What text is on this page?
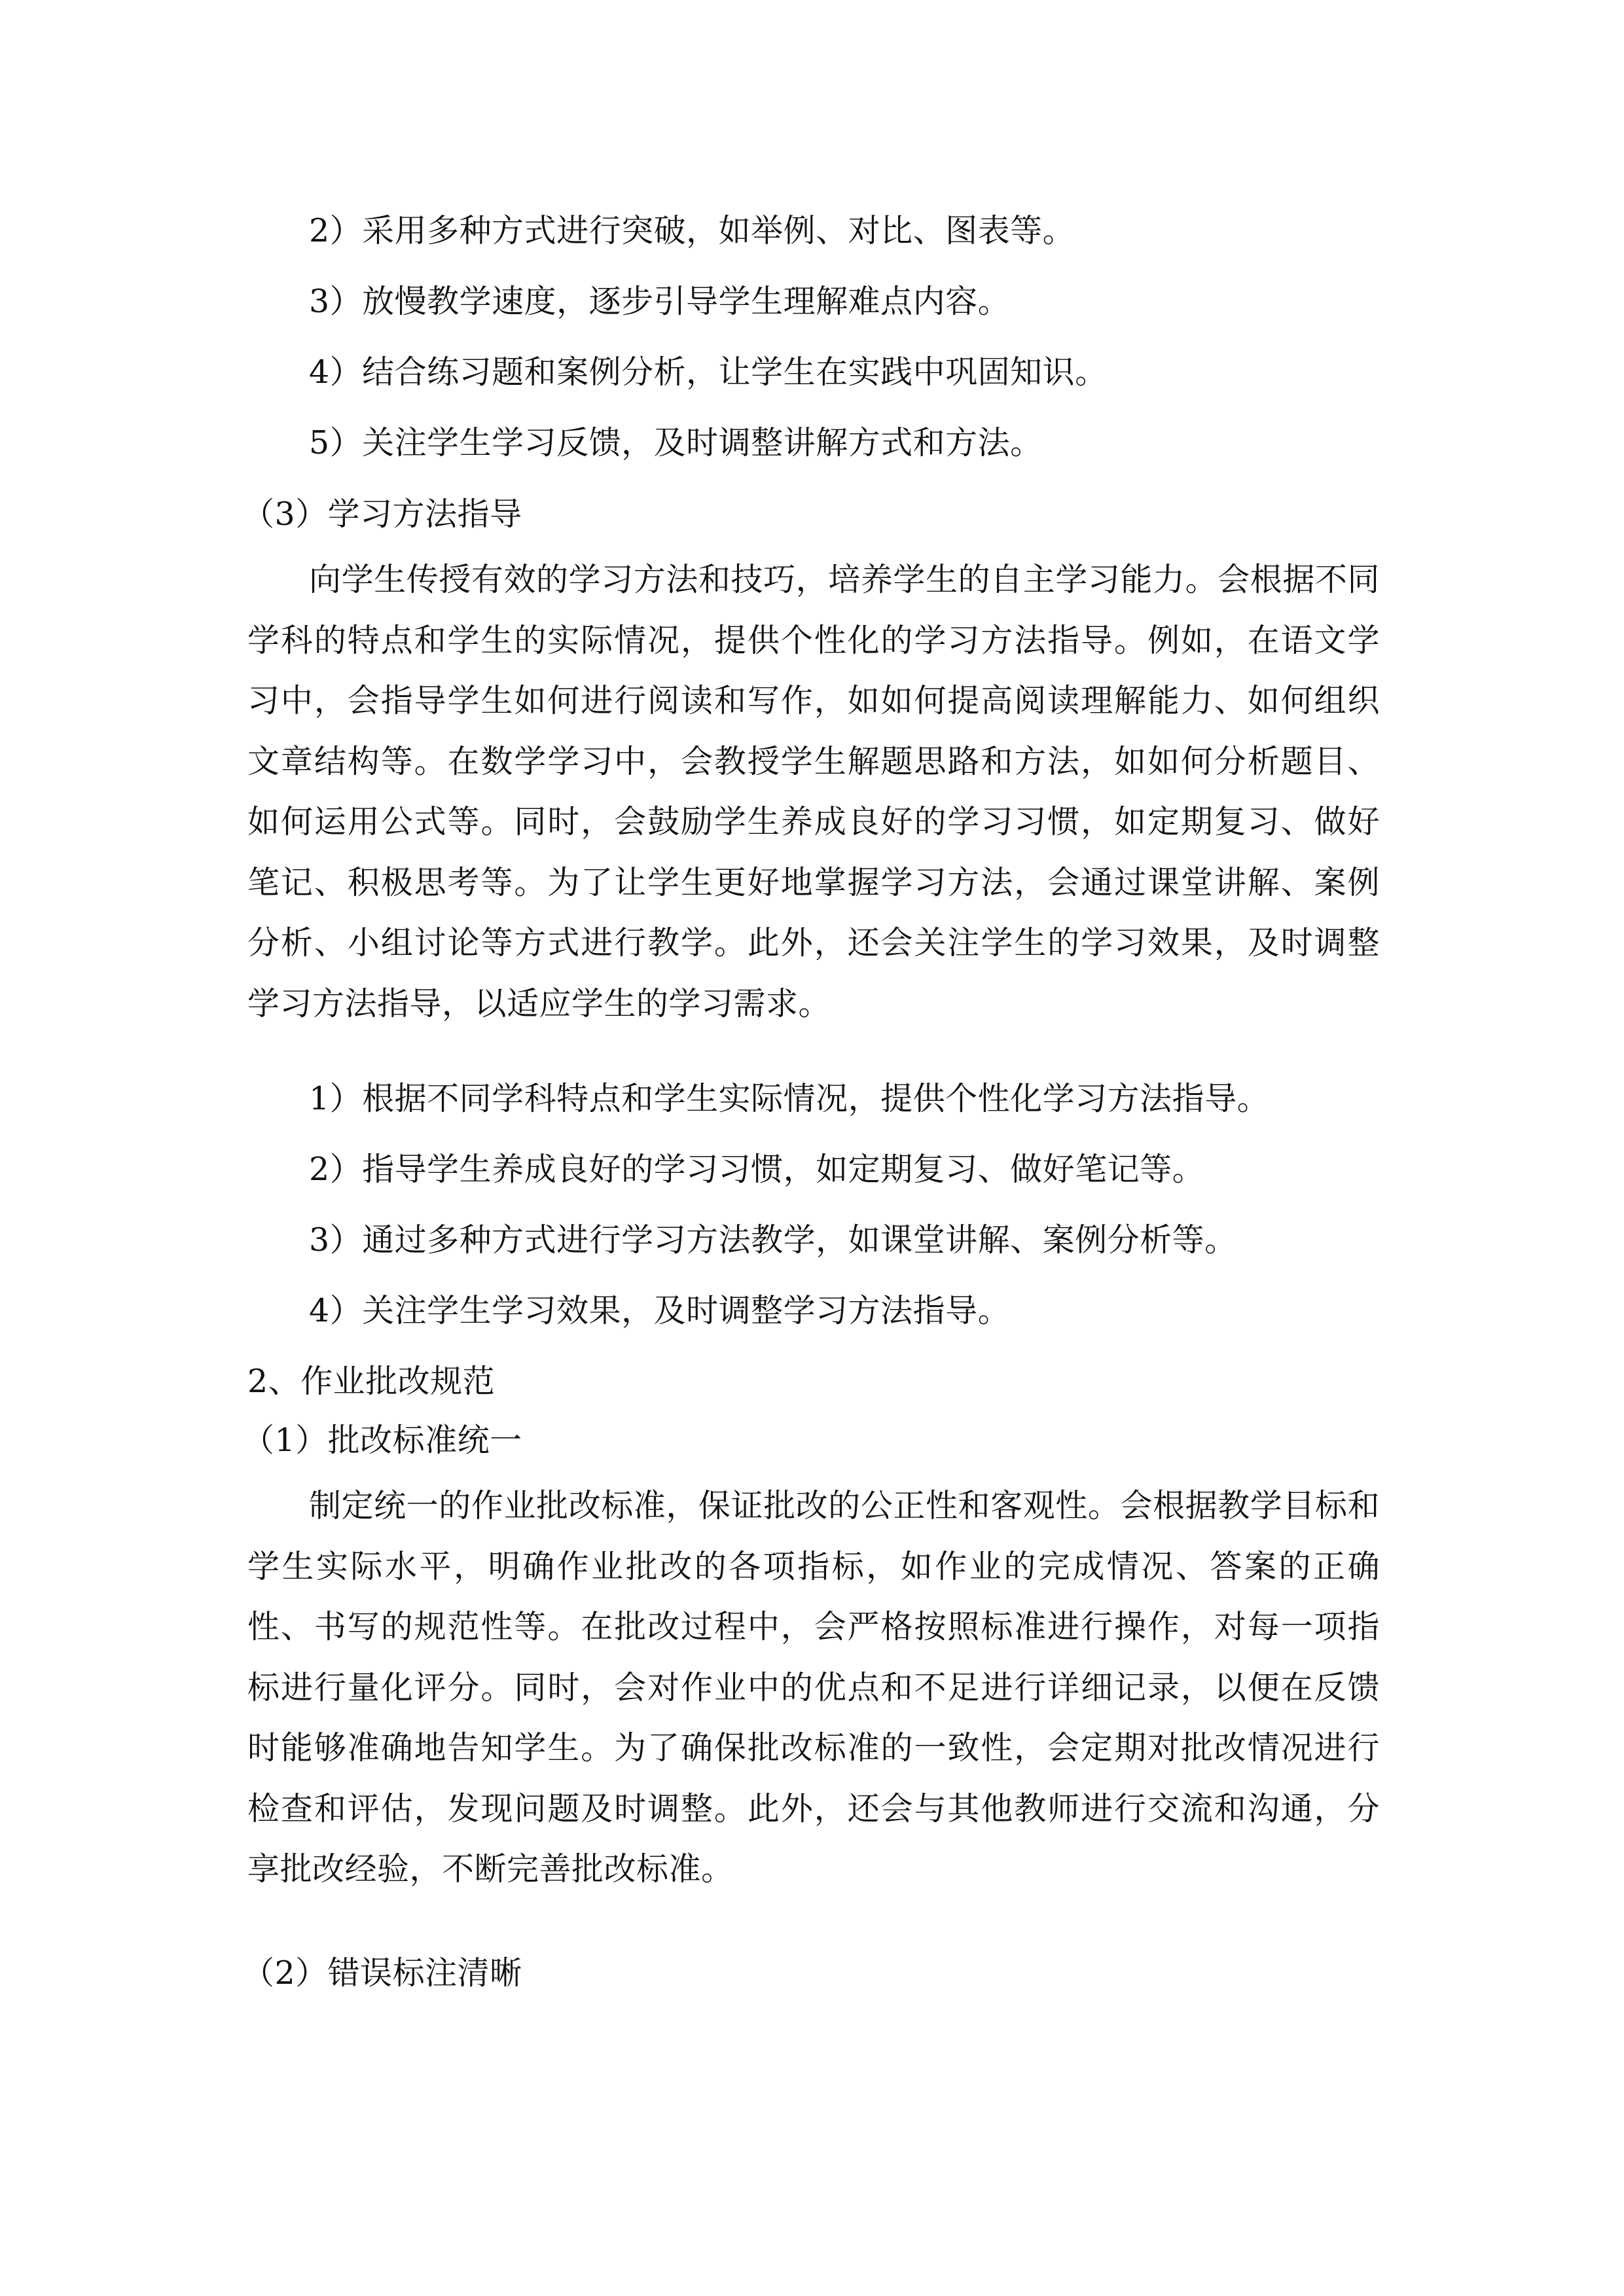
2）采用多种方式进行突破，如举例、对比、图表等。
3）放慢教学速度，逐步引导学生理解难点内容。
4）结合练习题和案例分析，让学生在实践中巩固知识。
5）关注学生学习反馈，及时调整讲解方式和方法。
（3）学习方法指导

向学生传授有效的学习方法和技巧，培养学生的自主学习能力。会根据不同学科的特点和学生的实际情况，提供个性化的学习方法指导。例如，在语文学习中，会指导学生如何进行阅读和写作，如如何提高阅读理解能力、如何组织文章结构等。在数学学习中，会教授学生解题思路和方法，如如何分析题目、如何运用公式等。同时，会鼓励学生养成良好的学习习惯，如定期复习、做好笔记、积极思考等。为了让学生更好地掌握学习方法，会通过课堂讲解、案例分析、小组讨论等方式进行教学。此外，还会关注学生的学习效果，及时调整学习方法指导，以适应学生的学习需求。

1）根据不同学科特点和学生实际情况，提供个性化学习方法指导。
2）指导学生养成良好的学习习惯，如定期复习、做好笔记等。
3）通过多种方式进行学习方法教学，如课堂讲解、案例分析等。
4）关注学生学习效果，及时调整学习方法指导。
2、作业批改规范
（1）批改标准统一

制定统一的作业批改标准，保证批改的公正性和客观性。会根据教学目标和学生实际水平，明确作业批改的各项指标，如作业的完成情况、答案的正确性、书写的规范性等。在批改过程中，会严格按照标准进行操作，对每一项指标进行量化评分。同时，会对作业中的优点和不足进行详细记录，以便在反馈时能够准确地告知学生。为了确保批改标准的一致性，会定期对批改情况进行检查和评估，发现问题及时调整。此外，还会与其他教师进行交流和沟通，分享批改经验，不断完善批改标准。

（2）错误标注清晰
